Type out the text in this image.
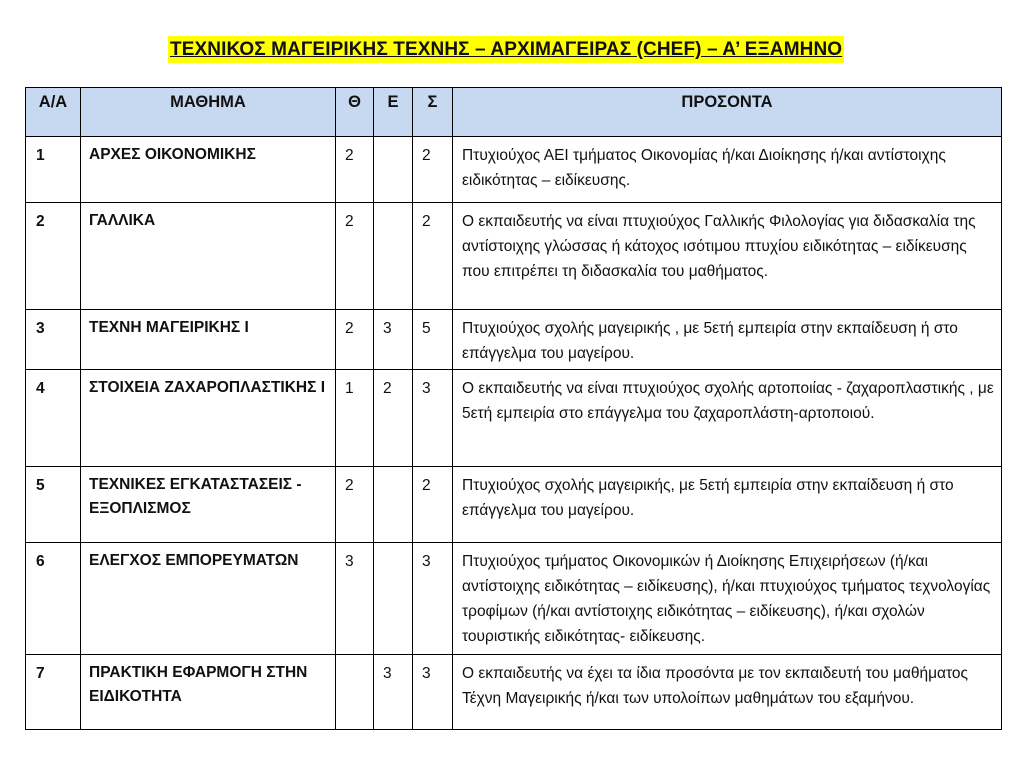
ΤΕΧΝΙΚΟΣ ΜΑΓΕΙΡΙΚΗΣ ΤΕΧΝΗΣ – ΑΡΧΙΜΑΓΕΙΡΑΣ (CHEF) – Α’ ΕΞΑΜΗΝΟ
Α/Α	ΜΑΘΗΜΑ	Θ	Ε	Σ	ΠΡΟΣΟΝΤΑ
1	ΑΡΧΕΣ ΟΙΚΟΝΟΜΙΚΗΣ	2		2	Πτυχιούχος ΑΕΙ τμήματος Οικονομίας ή/και Διοίκησης ή/και αντίστοιχης ειδικότητας – ειδίκευσης.
2	ΓΑΛΛΙΚΑ	2		2	Ο εκπαιδευτής να είναι πτυχιούχος Γαλλικής Φιλολογίας για διδασκαλία της αντίστοιχης γλώσσας ή κάτοχος ισότιμου πτυχίου ειδικότητας – ειδίκευσης που επιτρέπει τη διδασκαλία του μαθήματος.
3	ΤΕΧΝΗ ΜΑΓΕΙΡΙΚΗΣ Ι	2	3	5	Πτυχιούχος σχολής μαγειρικής , με 5ετή εμπειρία στην εκπαίδευση ή στο επάγγελμα του μαγείρου.
4	ΣΤΟΙΧΕΙΑ ΖΑΧΑΡΟΠΛΑΣΤΙΚΗΣ Ι	1	2	3	Ο εκπαιδευτής να είναι πτυχιούχος σχολής αρτοποιίας - ζαχαροπλαστικής , με 5ετή εμπειρία στο επάγγελμα του ζαχαροπλάστη-αρτοποιού.
5	ΤΕΧΝΙΚΕΣ ΕΓΚΑΤΑΣΤΑΣΕΙΣ - ΕΞΟΠΛΙΣΜΟΣ	2		2	Πτυχιούχος σχολής μαγειρικής, με 5ετή εμπειρία στην εκπαίδευση ή στο επάγγελμα του μαγείρου.
6	ΕΛΕΓΧΟΣ ΕΜΠΟΡΕΥΜΑΤΩΝ	3		3	Πτυχιούχος τμήματος Οικονομικών ή Διοίκησης Επιχειρήσεων (ή/και αντίστοιχης ειδικότητας – ειδίκευσης), ή/και πτυχιούχος τμήματος τεχνολογίας τροφίμων (ή/και αντίστοιχης ειδικότητας – ειδίκευσης), ή/και σχολών τουριστικής ειδικότητας- ειδίκευσης.
7	ΠΡΑΚΤΙΚΗ ΕΦΑΡΜΟΓΗ ΣΤΗΝ ΕΙΔΙΚΟΤΗΤΑ		3	3	Ο εκπαιδευτής να έχει τα ίδια προσόντα με τον εκπαιδευτή του μαθήματος Τέχνη Μαγειρικής ή/και των υπολοίπων μαθημάτων του εξαμήνου.
